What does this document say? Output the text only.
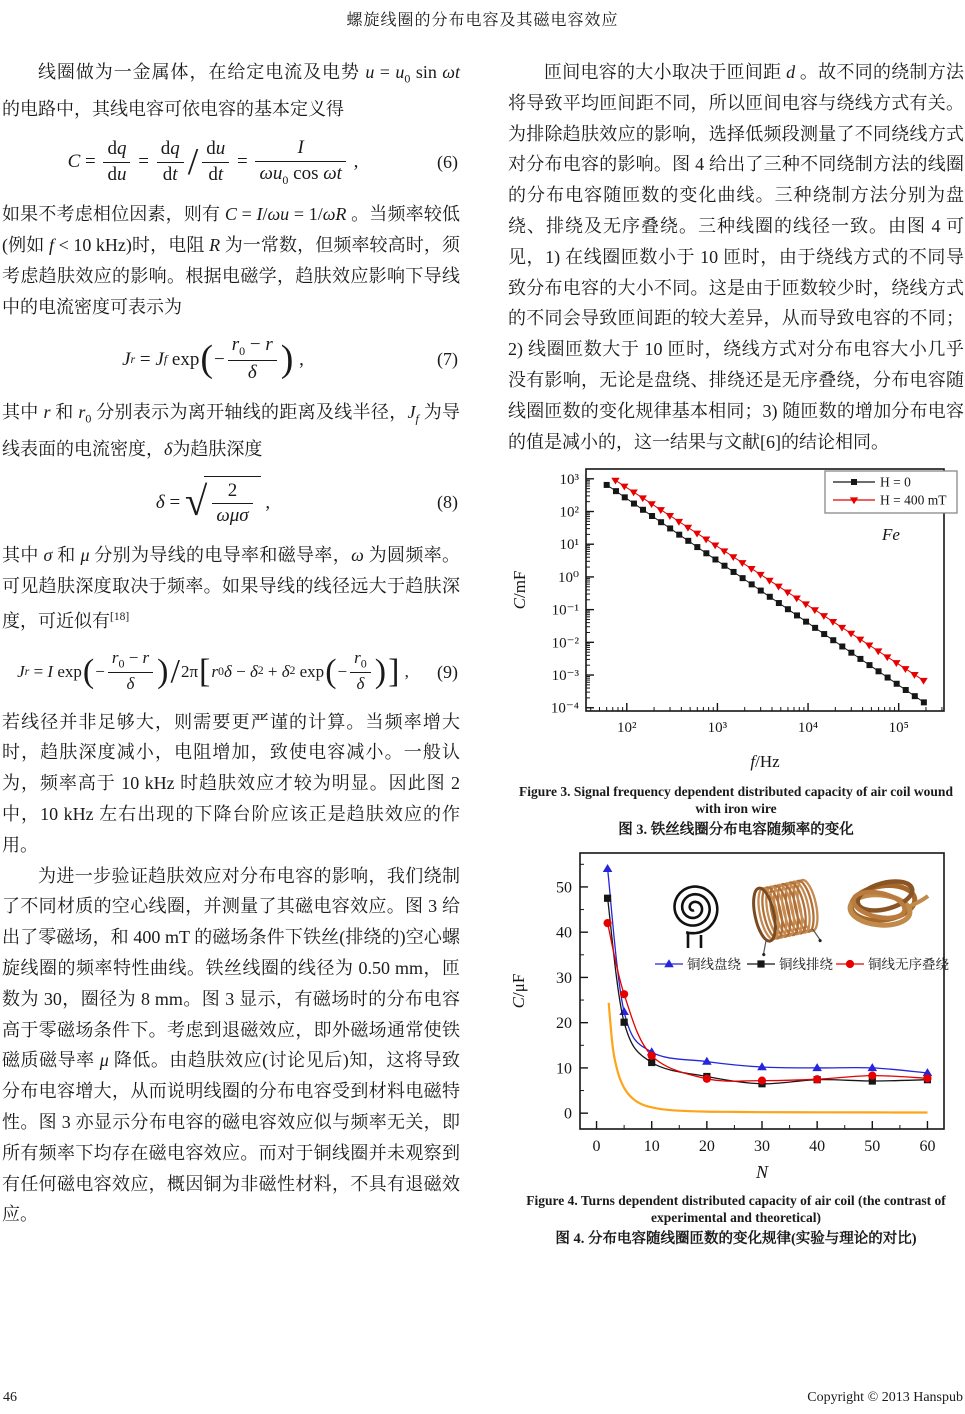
螺旋线圈的分布电容及其磁电容效应

线圈做为一金属体，在给定电流及电势 $u = u_0$ sin ωt 的电路中，其线电容可依电容的基本定义得

$C = \frac{dq}{du} = \frac{dq}{dt} / \frac{du}{dt} = \frac{I}{\omega u_0 \cos \omega t}$ ,	(6)

如果不考虑相位因素，则有 C = I/ωu = 1/ωR 。当频率较低(例如 f < 10 kHz)时，电阻 R 为一常数，但频率较高时，须考虑趋肤效应的影响。根据电磁学，趋肤效应影响下导线中的电流密度可表示为

J r = J f exp ( − $\frac{r_0 - r}{\delta}$ ) ,	(7)

其中 r 和 $r_0$ 分别表示为离开轴线的距离及线半径，$J_f$ 为导线表面的电流密度，δ为趋肤深度

δ = √ $\frac{2}{\text{ωμσ}}$ ,	(8)

其中 σ 和 μ 分别为导线的电导率和磁导率，ω 为圆频率。可见趋肤深度取决于频率。如果导线的线径远大于趋肤深度，可近似有[18]

J r = I exp ( − $\frac{r_0 - r}{\delta}$ ) / 2π [ r 0 δ − δ 2 + δ 2 exp ( − $\frac{r_0}{\delta}$ ) ] , (9)

若线径并非足够大，则需要更严谨的计算。当频率增大时，趋肤深度减小，电阻增加，致使电容减小。一般认为，频率高于 10 kHz 时趋肤效应才较为明显。因此图 2 中，10 kHz 左右出现的下降台阶应该正是趋肤效应的作用。

为进一步验证趋肤效应对分布电容的影响，我们绕制了不同材质的空心线圈，并测量了其磁电容效应。图 3 给出了零磁场，和 400 mT 的磁场条件下铁丝(排绕的)空心螺旋线圈的频率特性曲线。铁丝线圈的线径为 0.50 mm，匝数为 30，圈径为 8 mm。图 3 显示，有磁场时的分布电容高于零磁场条件下。考虑到退磁效应，即外磁场通常使铁磁质磁导率 μ 降低。由趋肤效应(讨论见后)知，这将导致分布电容增大，从而说明线圈的分布电容受到材料电磁特性。图 3 亦显示分布电容的磁电容效应似与频率无关，即所有频率下均存在磁电容效应。而对于铜线圈并未观察到有任何磁电容效应，概因铜为非磁性材料，不具有退磁效应。

匝间电容的大小取决于匝间距 d 。故不同的绕制方法将导致平均匝间距不同，所以匝间电容与绕线方式有关。为排除趋肤效应的影响，选择低频段测量了不同绕线方式对分布电容的影响。图 4 给出了三种不同绕制方法的线圈的分布电容随匝数的变化曲线。三种绕制方法分别为盘绕、排绕及无序叠绕。三种线圈的线径一致。由图 4 可见，1) 在线圈匝数小于 10 匝时，由于绕线方式的不同导致分布电容的大小不同。这是由于匝数较少时，绕线方式的不同会导致匝间距的较大差异，从而导致电容的不同；2) 线圈匝数大于 10 匝时，绕线方式对分布电容大小几乎没有影响，无论是盘绕、排绕还是无序叠绕，分布电容随线圈匝数的变化规律基本相同；3) 随匝数的增加分布电容的值是减小的，这一结果与文献[6]的结论相同。

10²	10³	10⁴	10⁵
10³
10²
10¹
10⁰
10⁻¹
10⁻²
10⁻³
10⁻⁴
H = 0
H = 400 mT
Fe
f/Hz
C/mF
Figure 3. Signal frequency dependent distributed capacity of air coil wound with iron wire
图 3. 铁丝线圈分布电容随频率的变化
0	10 20 30 40 50 60
0
10
20
30
40
50
铜线盘绕	铜线排绕	铜线无序叠绕
N
C/μF
Figure 4. Turns dependent distributed capacity of air coil (the contrast of experimental and theoretical)
图 4. 分布电容随线圈匝数的变化规律(实验与理论的对比)
46	Copyright © 2013 Hanspub
